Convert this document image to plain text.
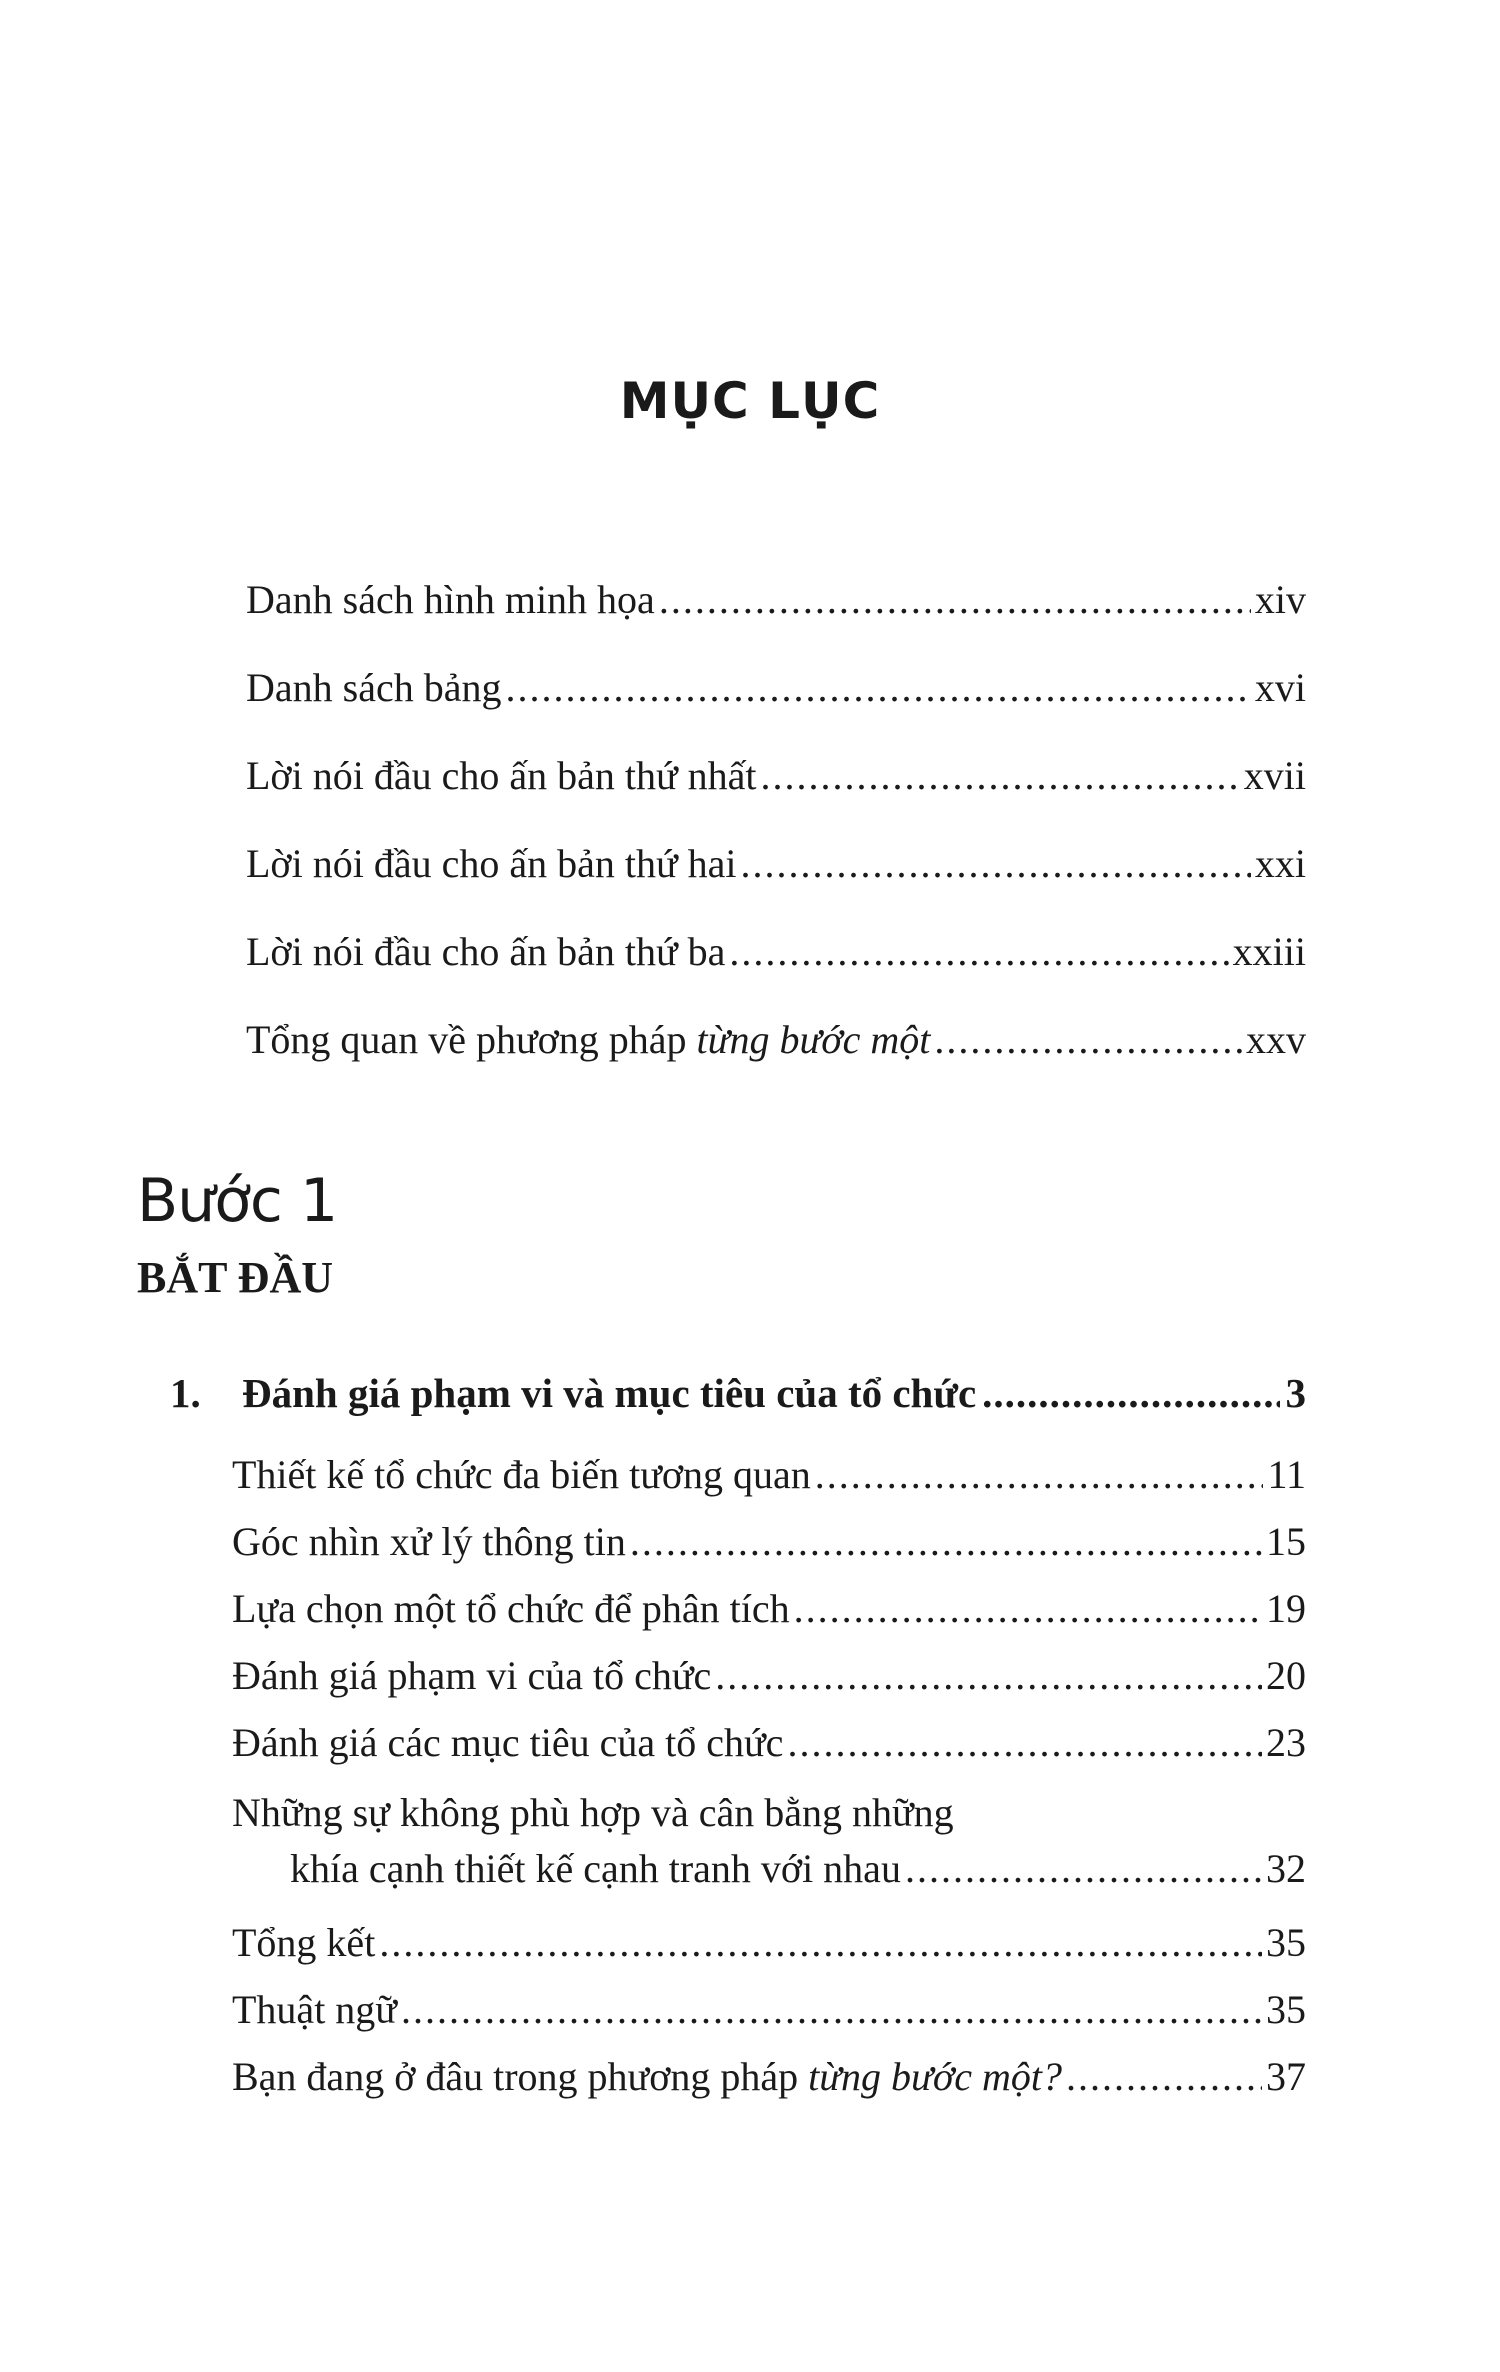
MỤC LỤC
Danh sách hình minh họa .....	xiv
Danh sách bảng .....	xvi
Lời nói đầu cho ấn bản thứ nhất .....	xvii
Lời nói đầu cho ấn bản thứ hai .....	xxi
Lời nói đầu cho ấn bản thứ ba .....	xxiii
Tổng quan về phương pháp từng bước một .....	xxv
Bước 1
BẮT ĐẦU
1.	Đánh giá phạm vi và mục tiêu của tổ chức .....	3
Thiết kế tổ chức đa biến tương quan .....	11
Góc nhìn xử lý thông tin .....	15
Lựa chọn một tổ chức để phân tích .....	19
Đánh giá phạm vi của tổ chức .....	20
Đánh giá các mục tiêu của tổ chức .....	23
Những sự không phù hợp và cân bằng những
khía cạnh thiết kế cạnh tranh với nhau .....	32
Tổng kết .....	35
Thuật ngữ .....	35
Bạn đang ở đâu trong phương pháp từng bước một? .....	37
